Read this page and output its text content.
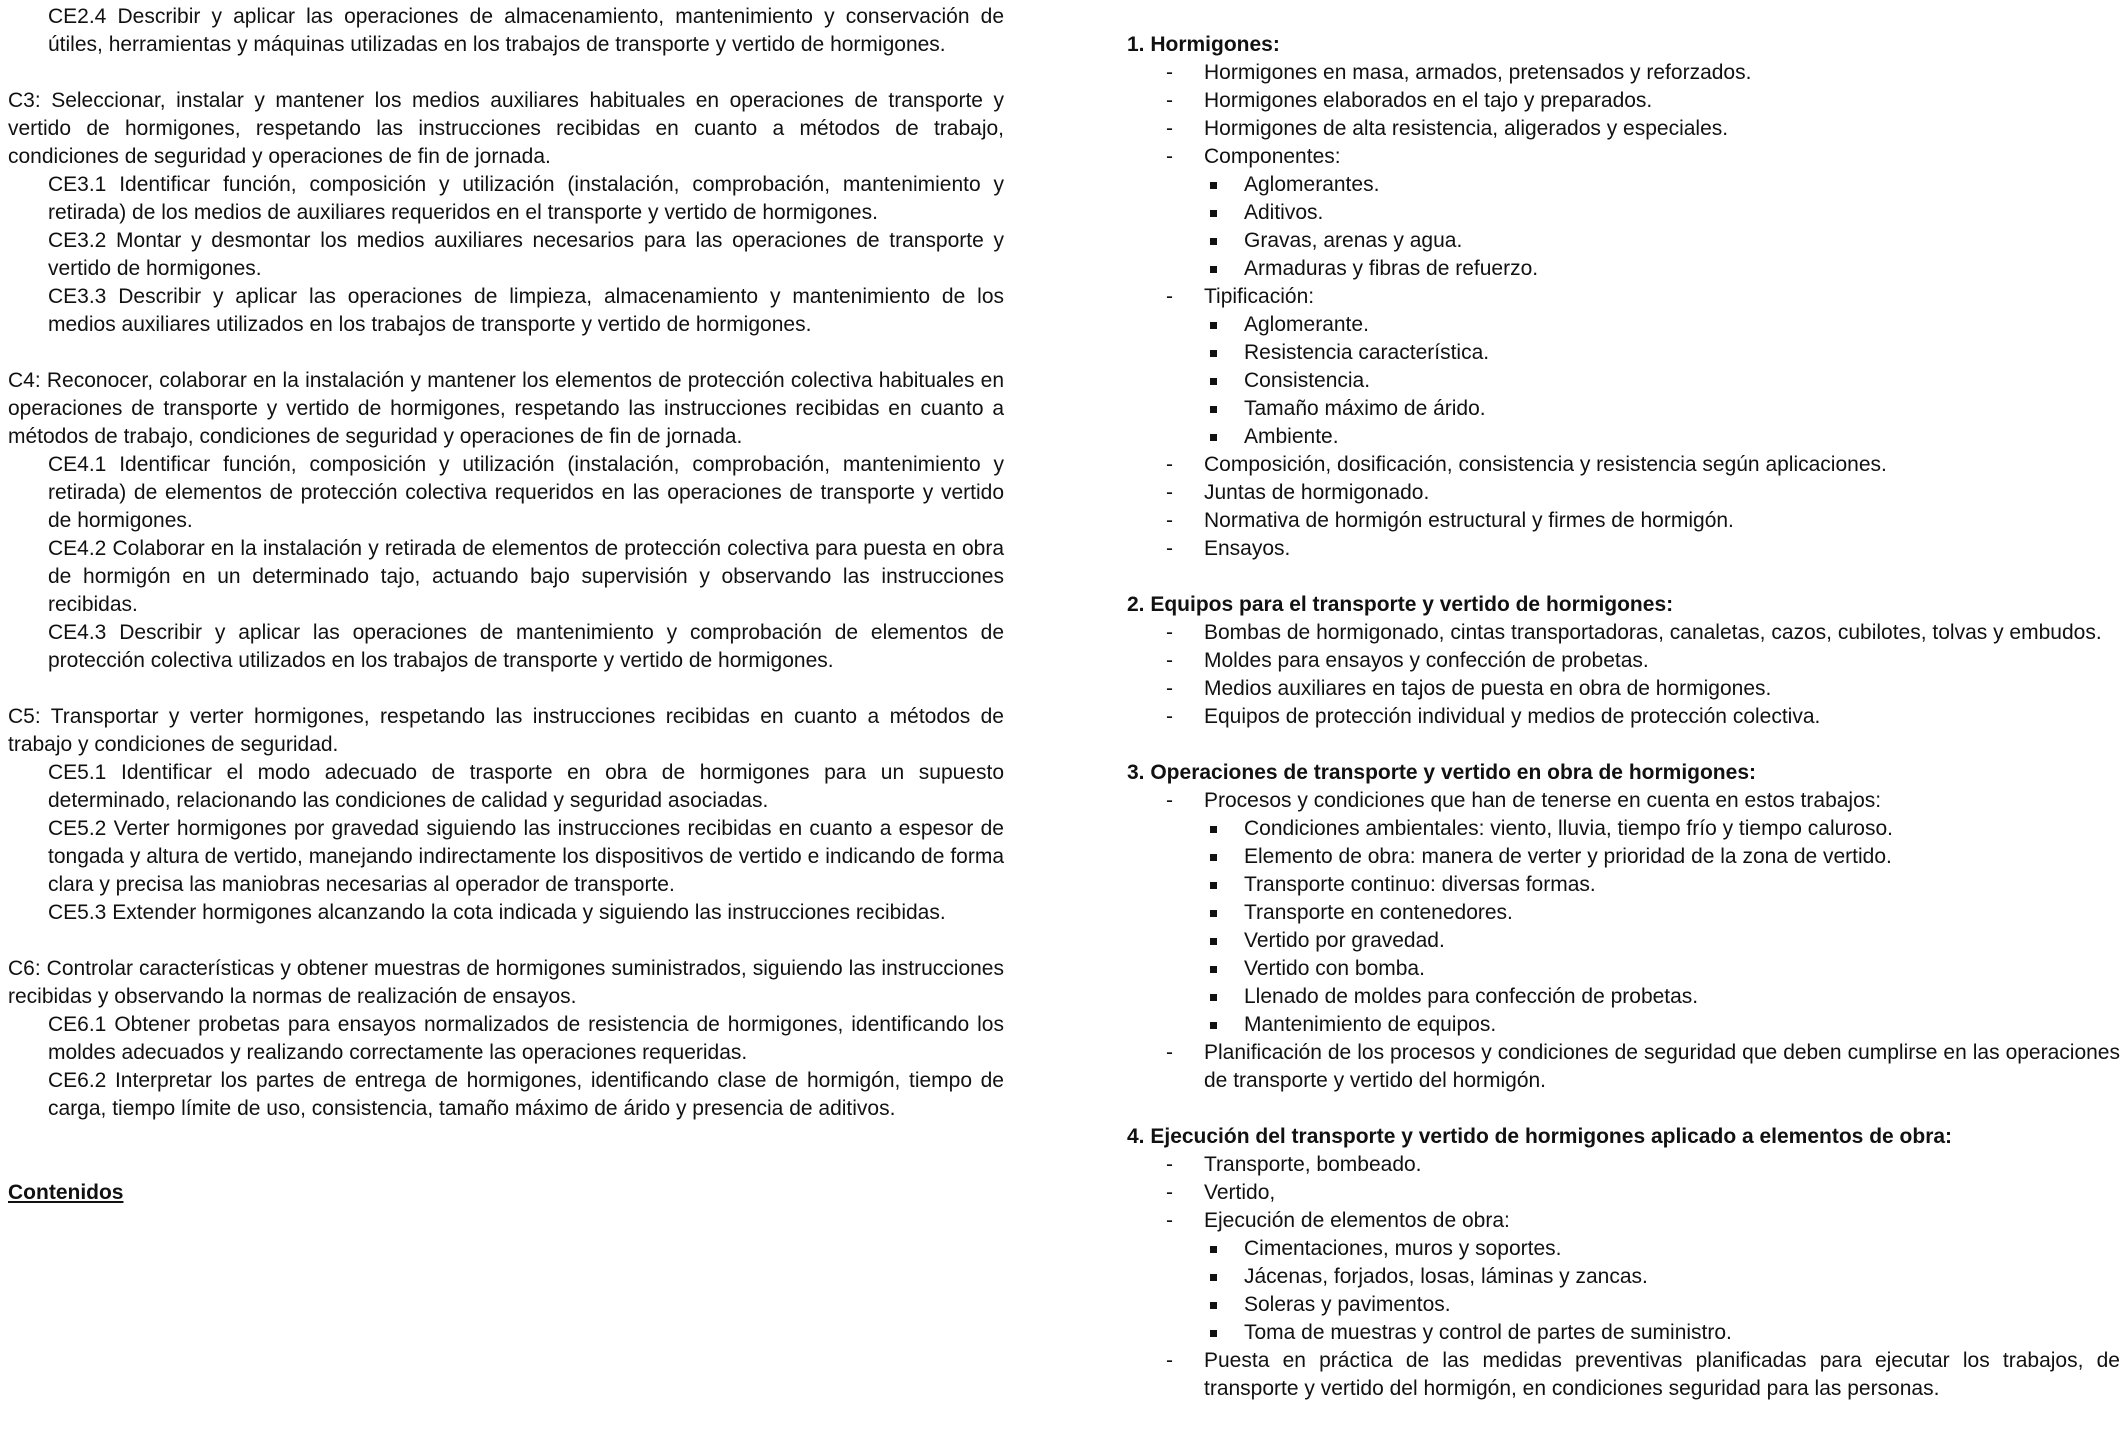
CE2.4 Describir y aplicar las operaciones de almacenamiento, mantenimiento y conservación de útiles, herramientas y máquinas utilizadas en los trabajos de transporte y vertido de hormigones.

C3: Seleccionar, instalar y mantener los medios auxiliares habituales en operaciones de transporte y vertido de hormigones, respetando las instrucciones recibidas en cuanto a métodos de trabajo, condiciones de seguridad y operaciones de fin de jornada.

CE3.1 Identificar función, composición y utilización (instalación, comprobación, mantenimiento y retirada) de los medios de auxiliares requeridos en el transporte y vertido de hormigones.

CE3.2 Montar y desmontar los medios auxiliares necesarios para las operaciones de transporte y vertido de hormigones.

CE3.3 Describir y aplicar las operaciones de limpieza, almacenamiento y mantenimiento de los medios auxiliares utilizados en los trabajos de transporte y vertido de hormigones.

C4: Reconocer, colaborar en la instalación y mantener los elementos de protección colectiva habituales en operaciones de transporte y vertido de hormigones, respetando las instrucciones recibidas en cuanto a métodos de trabajo, condiciones de seguridad y operaciones de fin de jornada.

CE4.1 Identificar función, composición y utilización (instalación, comprobación, mantenimiento y retirada) de elementos de protección colectiva requeridos en las operaciones de transporte y vertido de hormigones.

CE4.2 Colaborar en la instalación y retirada de elementos de protección colectiva para puesta en obra de hormigón en un determinado tajo, actuando bajo supervisión y observando las instrucciones recibidas.

CE4.3 Describir y aplicar las operaciones de mantenimiento y comprobación de elementos de protección colectiva utilizados en los trabajos de transporte y vertido de hormigones.

C5: Transportar y verter hormigones, respetando las instrucciones recibidas en cuanto a métodos de trabajo y condiciones de seguridad.

CE5.1 Identificar el modo adecuado de trasporte en obra de hormigones para un supuesto determinado, relacionando las condiciones de calidad y seguridad asociadas.

CE5.2 Verter hormigones por gravedad siguiendo las instrucciones recibidas en cuanto a espesor de tongada y altura de vertido, manejando indirectamente los dispositivos de vertido e indicando de forma clara y precisa las maniobras necesarias al operador de transporte.

CE5.3 Extender hormigones alcanzando la cota indicada y siguiendo las instrucciones recibidas.

C6: Controlar características y obtener muestras de hormigones suministrados, siguiendo las instrucciones recibidas y observando la normas de realización de ensayos.

CE6.1 Obtener probetas para ensayos normalizados de resistencia de hormigones, identificando los moldes adecuados y realizando correctamente las operaciones requeridas.

CE6.2 Interpretar los partes de entrega de hormigones, identificando clase de hormigón, tiempo de carga, tiempo límite de uso, consistencia, tamaño máximo de árido y presencia de aditivos.

Contenidos

1. Hormigones:

- Hormigones en masa, armados, pretensados y reforzados.
- Hormigones elaborados en el tajo y preparados.
- Hormigones de alta resistencia, aligerados y especiales.
- Componentes:
Aglomerantes.
Aditivos.
Gravas, arenas y agua.
Armaduras y fibras de refuerzo.
- Tipificación:
Aglomerante.
Resistencia característica.
Consistencia.
Tamaño máximo de árido.
Ambiente.
- Composición, dosificación, consistencia y resistencia según aplicaciones.
- Juntas de hormigonado.
- Normativa de hormigón estructural y firmes de hormigón.
- Ensayos.

2. Equipos para el transporte y vertido de hormigones:

- Bombas de hormigonado, cintas transportadoras, canaletas, cazos, cubilotes, tolvas y embudos.
- Moldes para ensayos y confección de probetas.
- Medios auxiliares en tajos de puesta en obra de hormigones.
- Equipos de protección individual y medios de protección colectiva.

3. Operaciones de transporte y vertido en obra de hormigones:

- Procesos y condiciones que han de tenerse en cuenta en estos trabajos:
Condiciones ambientales: viento, lluvia, tiempo frío y tiempo caluroso.
Elemento de obra: manera de verter y prioridad de la zona de vertido.
Transporte continuo: diversas formas.
Transporte en contenedores.
Vertido por gravedad.
Vertido con bomba.
Llenado de moldes para confección de probetas.
Mantenimiento de equipos.
- Planificación de los procesos y condiciones de seguridad que deben cumplirse en las operaciones de transporte y vertido del hormigón.

4. Ejecución del transporte y vertido de hormigones aplicado a elementos de obra:

- Transporte, bombeado.
- Vertido,
- Ejecución de elementos de obra:
Cimentaciones, muros y soportes.
Jácenas, forjados, losas, láminas y zancas.
Soleras y pavimentos.
Toma de muestras y control de partes de suministro.
- Puesta en práctica de las medidas preventivas planificadas para ejecutar los trabajos, de transporte y vertido del hormigón, en condiciones seguridad para las personas.
